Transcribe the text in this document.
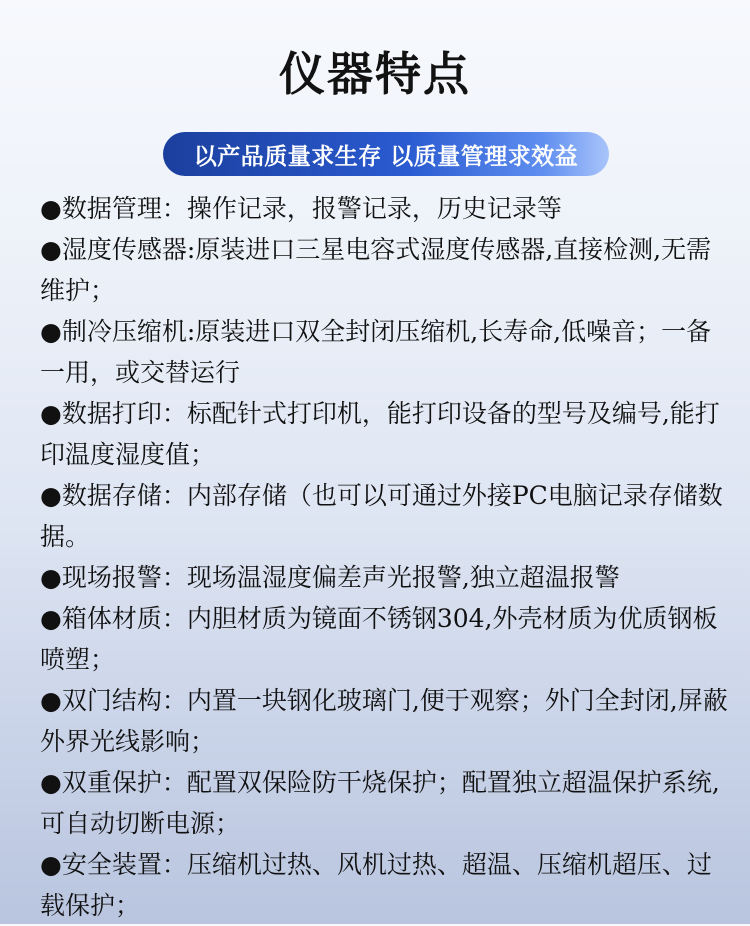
仪器特点
以产品质量求生存 以质量管理求效益
●数据管理：操作记录，报警记录，历史记录等
●湿度传感器:原装进口三星电容式湿度传感器,直接检测,无需维护；
●制冷压缩机:原装进口双全封闭压缩机,长寿命,低噪音；一备一用，或交替运行
●数据打印：标配针式打印机，能打印设备的型号及编号,能打印温度湿度值；
●数据存储：内部存储（也可以可通过外接PC电脑记录存储数据。
●现场报警：现场温湿度偏差声光报警,独立超温报警
●箱体材质：内胆材质为镜面不锈钢304,外壳材质为优质钢板喷塑；
●双门结构：内置一块钢化玻璃门,便于观察；外门全封闭,屏蔽外界光线影响；
●双重保护：配置双保险防干烧保护；配置独立超温保护系统,可自动切断电源；
●安全装置：压缩机过热、风机过热、超温、压缩机超压、过载保护；
